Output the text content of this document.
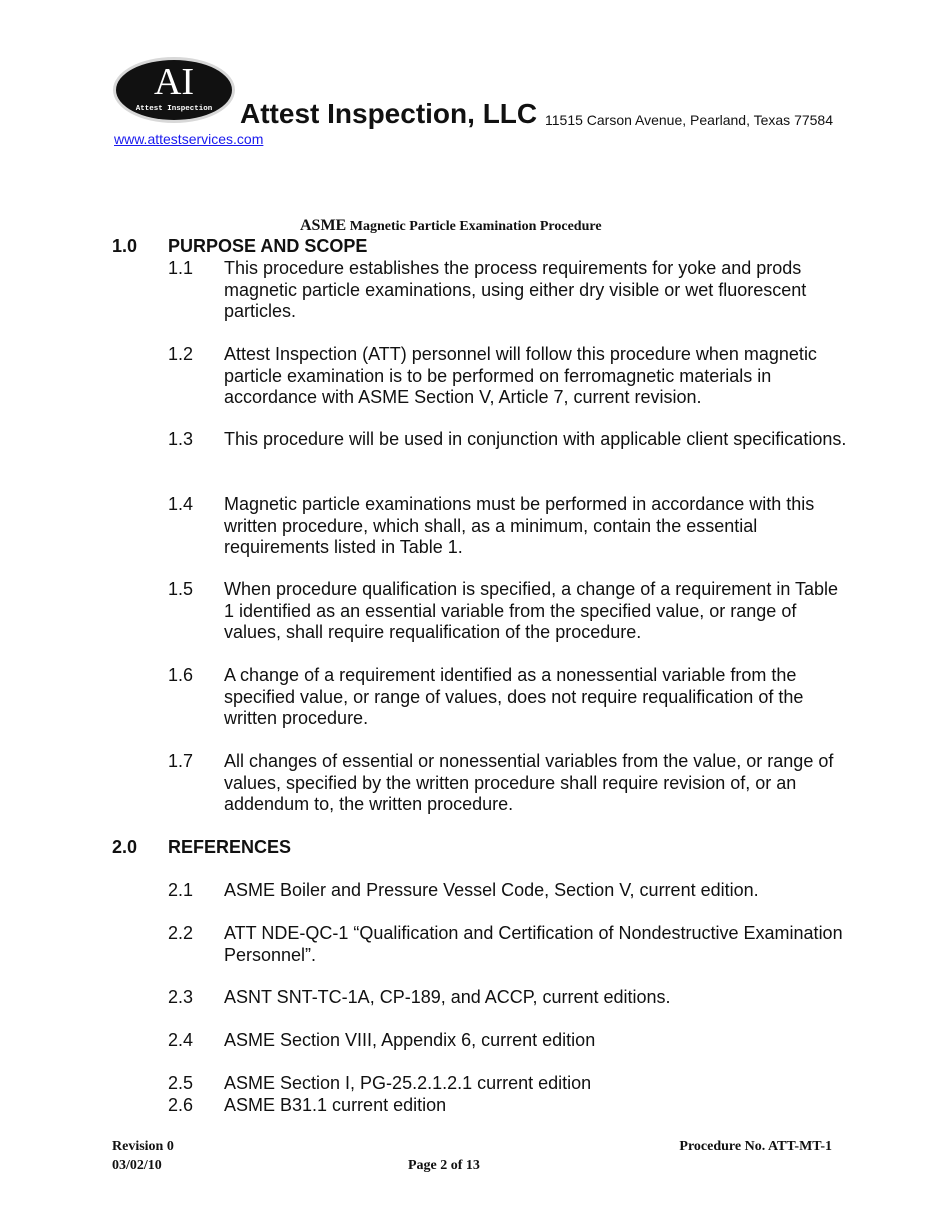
AI
Attest Inspection Attest Inspection, LLC 11515 Carson Avenue, Pearland, Texas 77584
www.attestservices.com
ASME Magnetic Particle Examination Procedure
1.0 PURPOSE AND SCOPE
1.1 This procedure establishes the process requirements for yoke and prods magnetic particle examinations, using either dry visible or wet fluorescent particles.
1.2 Attest Inspection (ATT) personnel will follow this procedure when magnetic particle examination is to be performed on ferromagnetic materials in accordance with ASME Section V, Article 7, current revision.
1.3 This procedure will be used in conjunction with applicable client specifications.
1.4 Magnetic particle examinations must be performed in accordance with this written procedure, which shall, as a minimum, contain the essential requirements listed in Table 1.
1.5 When procedure qualification is specified, a change of a requirement in Table 1 identified as an essential variable from the specified value, or range of values, shall require requalification of the procedure.
1.6 A change of a requirement identified as a nonessential variable from the specified value, or range of values, does not require requalification of the written procedure.
1.7 All changes of essential or nonessential variables from the value, or range of values, specified by the written procedure shall require revision of, or an addendum to, the written procedure.
2.0 REFERENCES
2.1 ASME Boiler and Pressure Vessel Code, Section V, current edition.
2.2 ATT NDE-QC-1 “Qualification and Certification of Nondestructive Examination Personnel”.
2.3 ASNT SNT-TC-1A, CP-189, and ACCP, current editions.
2.4 ASME Section VIII, Appendix 6, current edition
2.5 ASME Section I, PG-25.2.1.2.1 current edition
2.6 ASME B31.1 current edition
Revision 0
03/02/10	Page 2 of 13
Procedure No. ATT-MT-1
